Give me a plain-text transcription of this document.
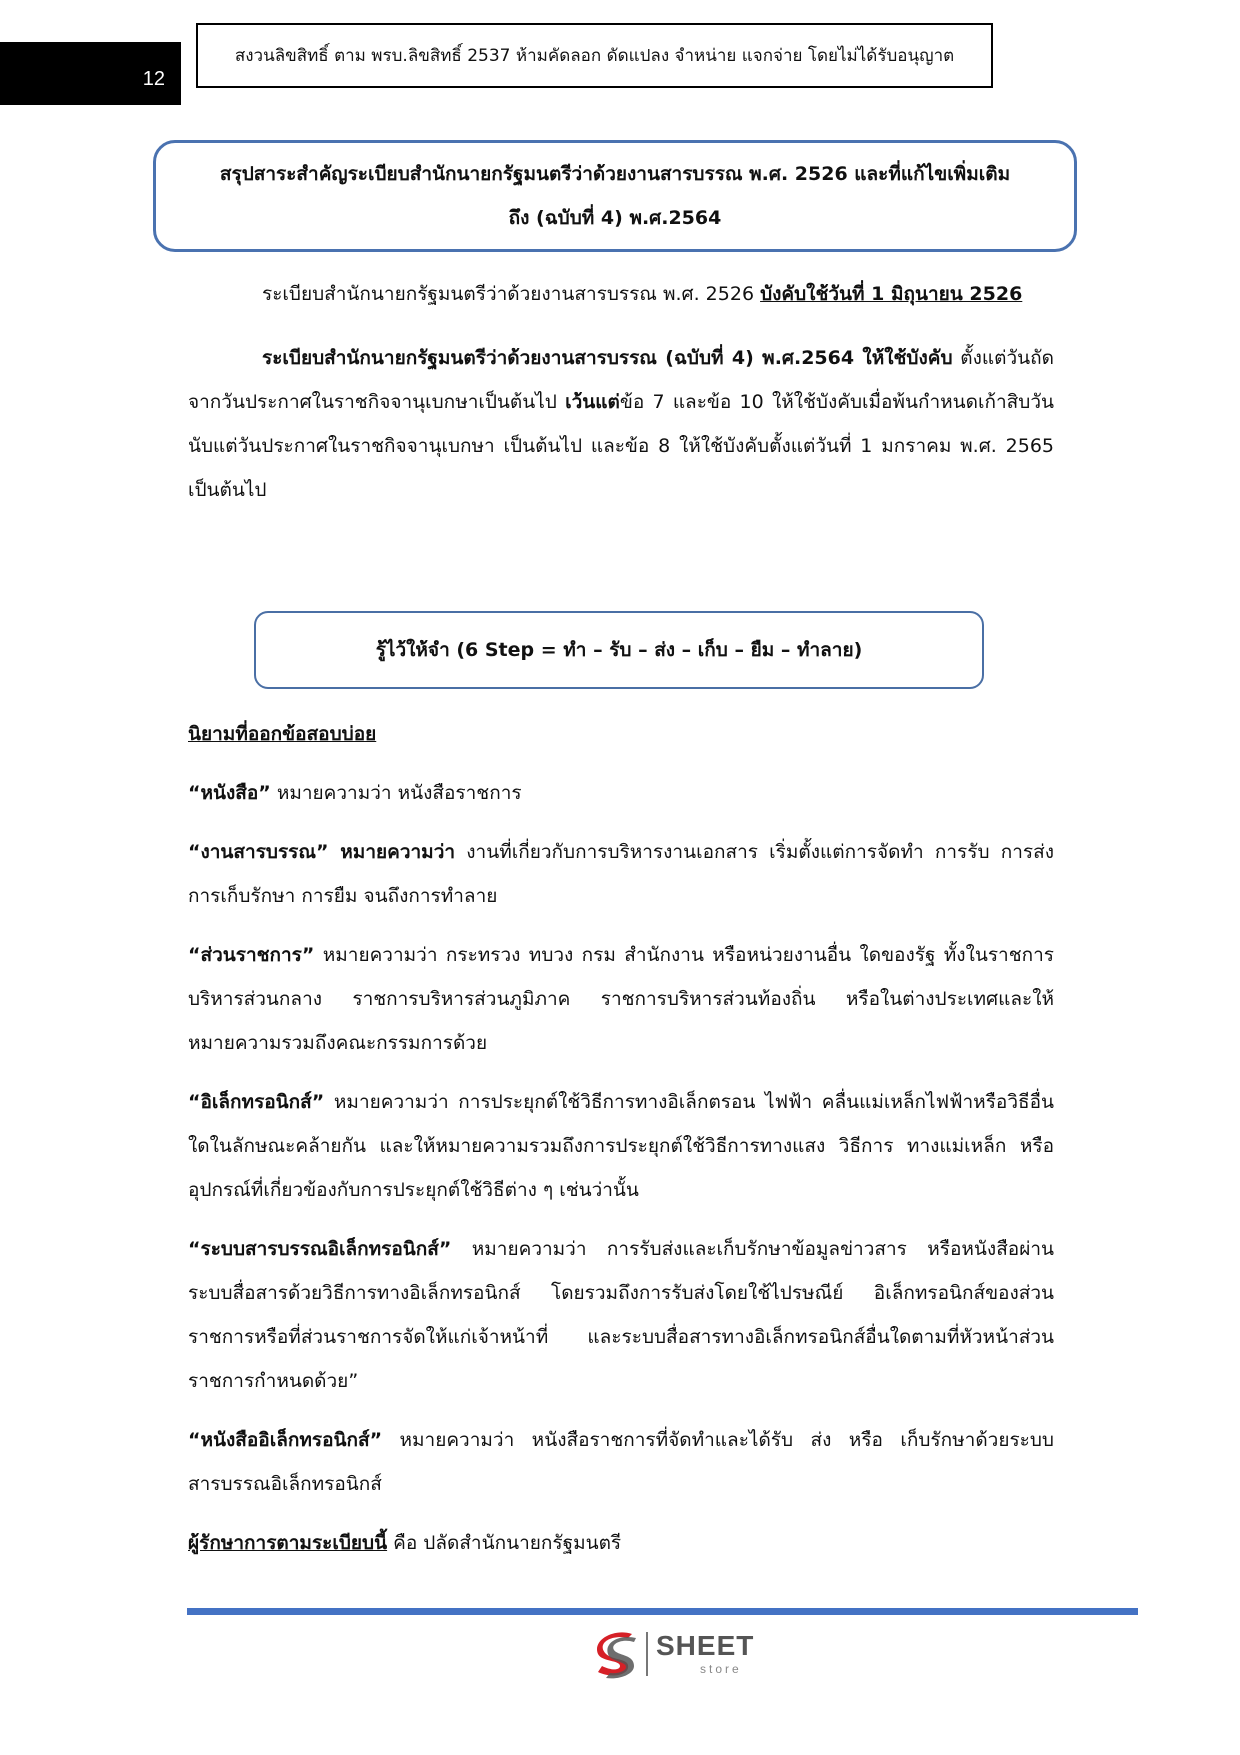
12
สงวนลิขสิทธิ์ ตาม พรบ.ลิขสิทธิ์ 2537 ห้ามคัดลอก ดัดแปลง จำหน่าย แจกจ่าย โดยไม่ได้รับอนุญาต
สรุปสาระสำคัญระเบียบสำนักนายกรัฐมนตรีว่าด้วยงานสารบรรณ พ.ศ. 2526 และที่แก้ไขเพิ่มเติม
ถึง (ฉบับที่ 4) พ.ศ.2564

ระเบียบสำนักนายกรัฐมนตรีว่าด้วยงานสารบรรณ พ.ศ. 2526 บังคับใช้วันที่ 1 มิถุนายน 2526

ระเบียบสำนักนายกรัฐมนตรีว่าด้วยงานสารบรรณ (ฉบับที่ 4) พ.ศ.2564 ให้ใช้บังคับ ตั้งแต่วันถัดจากวันประกาศในราชกิจจานุเบกษาเป็นต้นไป เว้นแต่ข้อ 7 และข้อ 10 ให้ใช้บังคับเมื่อพ้นกำหนดเก้าสิบวันนับแต่วันประกาศในราชกิจจานุเบกษา เป็นต้นไป และข้อ 8 ให้ใช้บังคับตั้งแต่วันที่ 1 มกราคม พ.ศ. 2565 เป็นต้นไป

รู้ไว้ให้จำ (6 Step = ทำ – รับ – ส่ง – เก็บ – ยืม – ทำลาย)

นิยามที่ออกข้อสอบบ่อย

“หนังสือ” หมายความว่า หนังสือราชการ

“งานสารบรรณ” หมายความว่า งานที่เกี่ยวกับการบริหารงานเอกสาร เริ่มตั้งแต่การจัดทำ การรับ การส่ง การเก็บรักษา การยืม จนถึงการทำลาย

“ส่วนราชการ” หมายความว่า กระทรวง ทบวง กรม สำนักงาน หรือหน่วยงานอื่น ใดของรัฐ ทั้งในราชการบริหารส่วนกลาง ราชการบริหารส่วนภูมิภาค ราชการบริหารส่วนท้องถิ่น หรือในต่างประเทศและให้หมายความรวมถึงคณะกรรมการด้วย

“อิเล็กทรอนิกส์” หมายความว่า การประยุกต์ใช้วิธีการทางอิเล็กตรอน ไฟฟ้า คลื่นแม่เหล็กไฟฟ้าหรือวิธีอื่นใดในลักษณะคล้ายกัน และให้หมายความรวมถึงการประยุกต์ใช้วิธีการทางแสง วิธีการ ทางแม่เหล็ก หรืออุปกรณ์ที่เกี่ยวข้องกับการประยุกต์ใช้วิธีต่าง ๆ เช่นว่านั้น

“ระบบสารบรรณอิเล็กทรอนิกส์” หมายความว่า การรับส่งและเก็บรักษาข้อมูลข่าวสาร หรือหนังสือผ่านระบบสื่อสารด้วยวิธีการทางอิเล็กทรอนิกส์ โดยรวมถึงการรับส่งโดยใช้ไปรษณีย์ อิเล็กทรอนิกส์ของส่วนราชการหรือที่ส่วนราชการจัดให้แก่เจ้าหน้าที่ และระบบสื่อสารทางอิเล็กทรอนิกส์อื่นใดตามที่หัวหน้าส่วนราชการกำหนดด้วย”

“หนังสืออิเล็กทรอนิกส์” หมายความว่า หนังสือราชการที่จัดทำและได้รับ ส่ง หรือ เก็บรักษาด้วยระบบสารบรรณอิเล็กทรอนิกส์

ผู้รักษาการตามระเบียบนี้ คือ ปลัดสำนักนายกรัฐมนตรี

SHEET
store
